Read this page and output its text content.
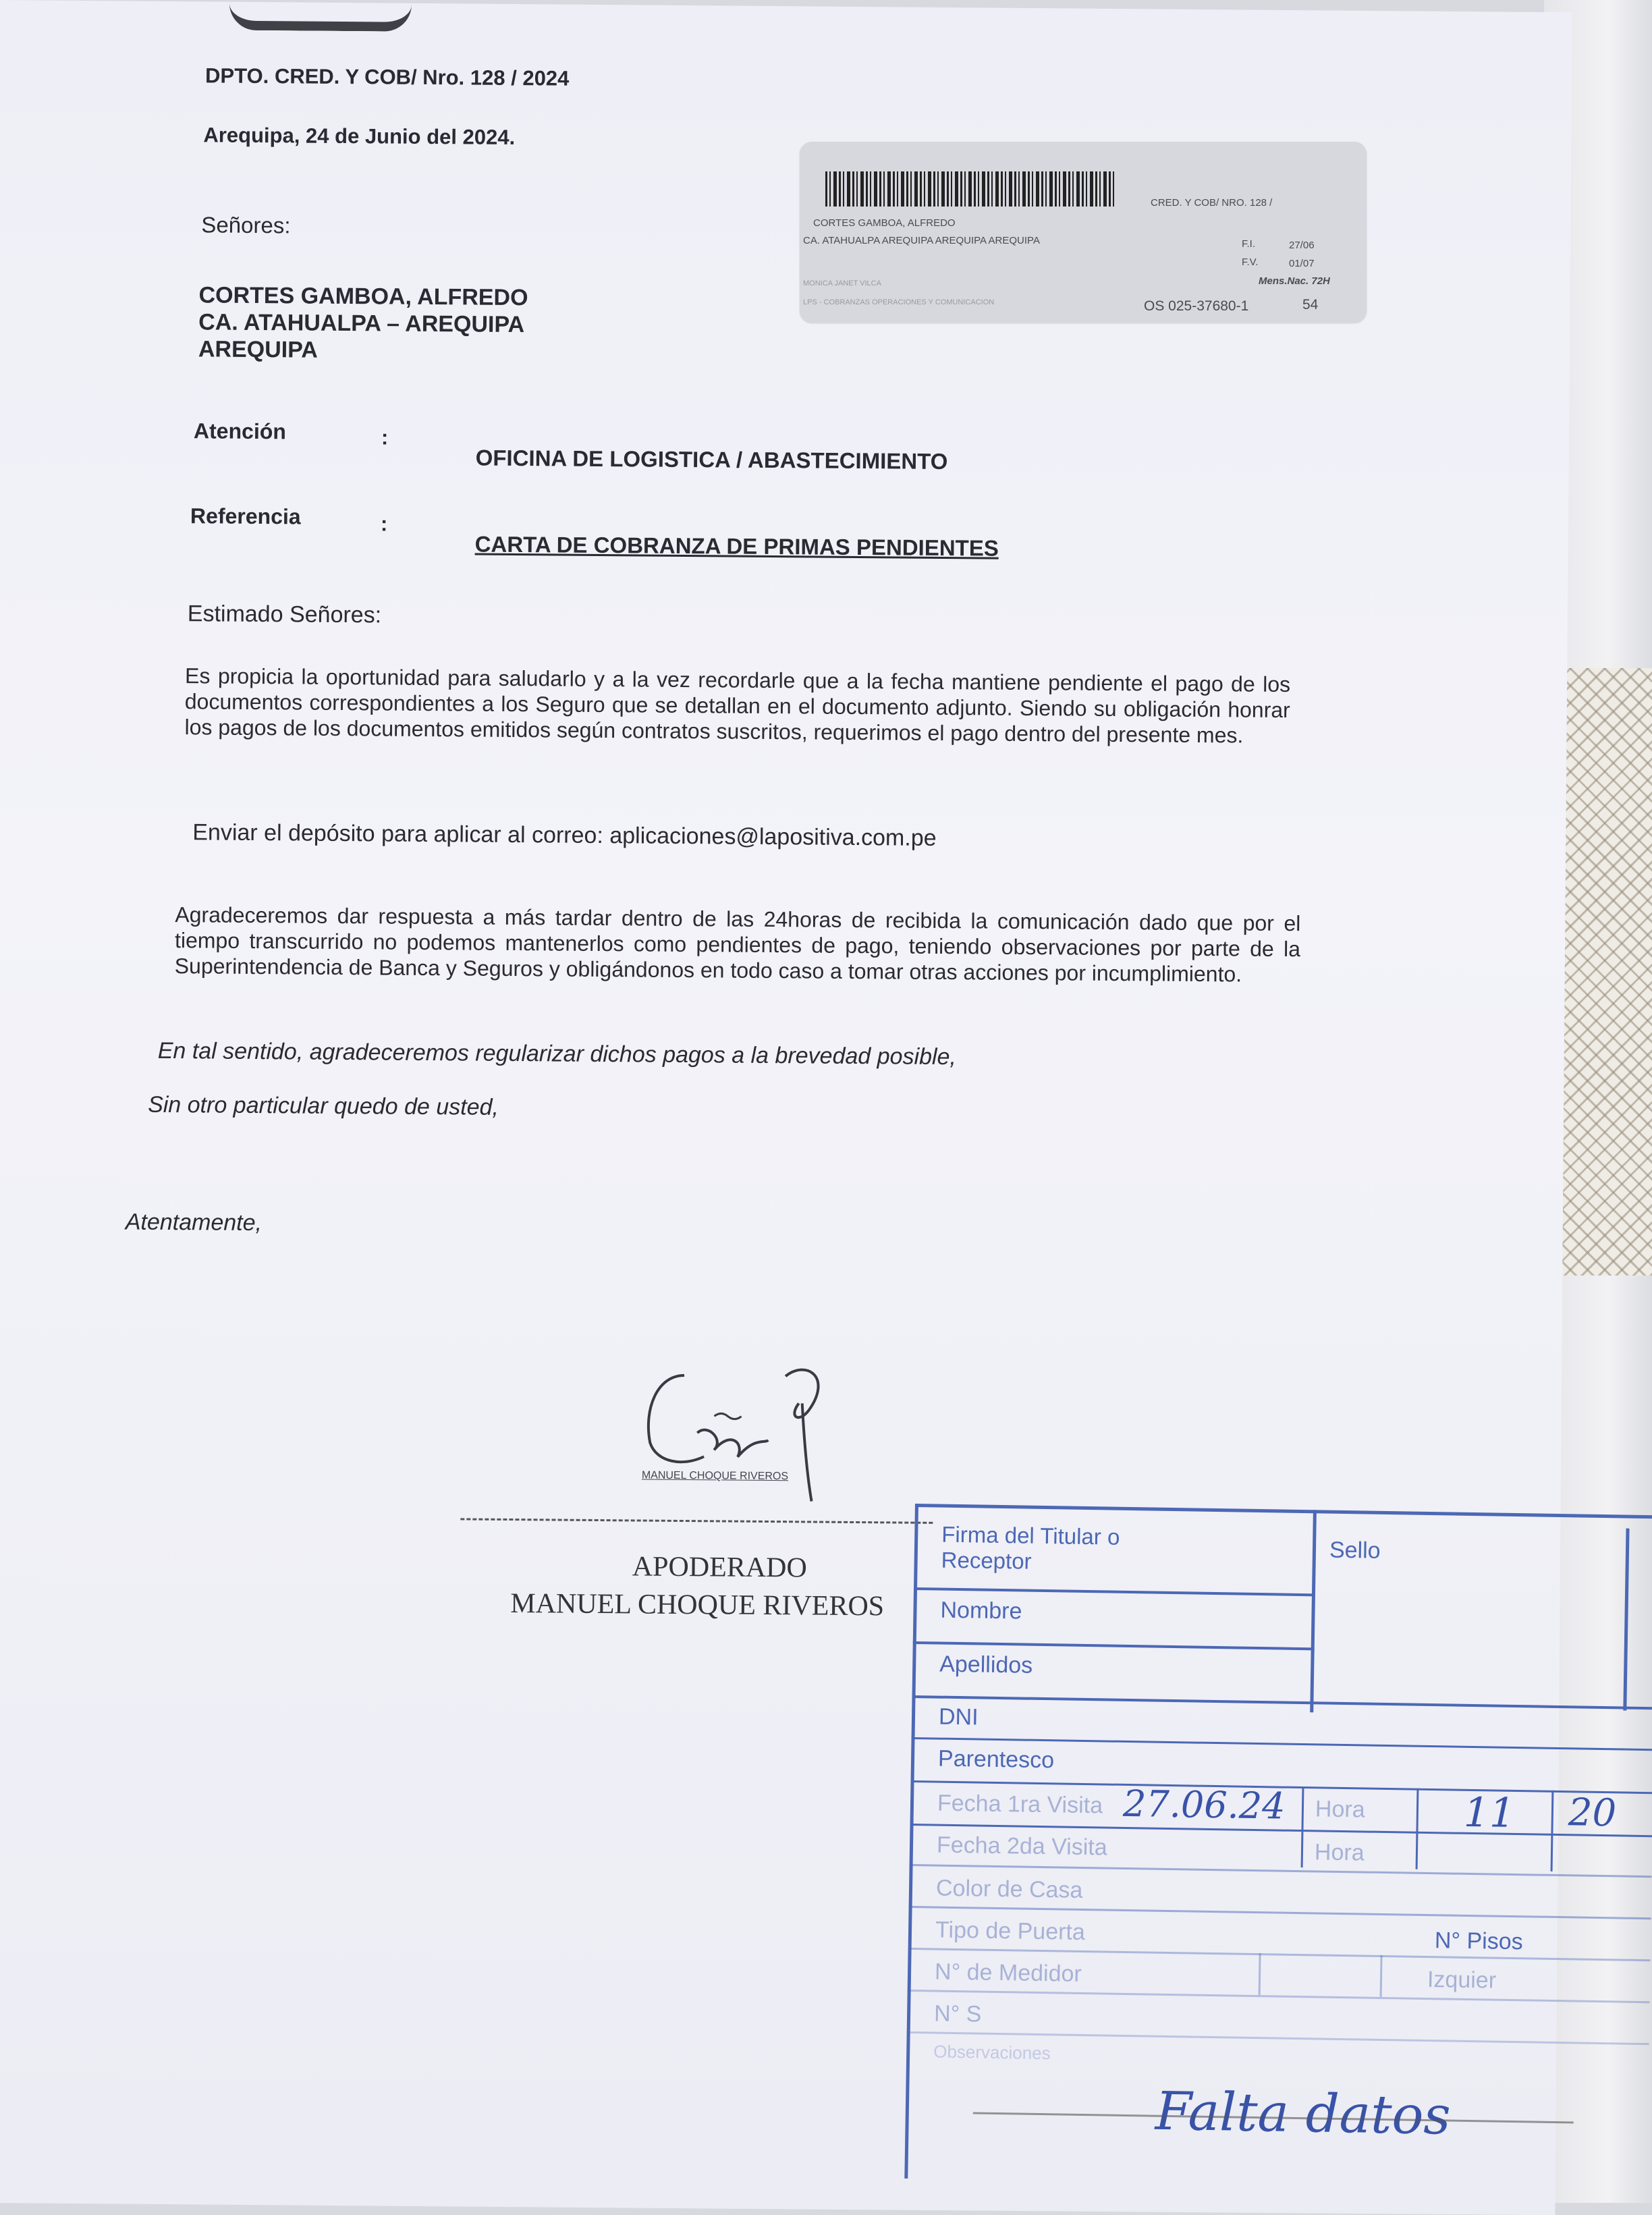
DPTO. CRED. Y COB/ Nro. 128 / 2024

Arequipa, 24 de Junio del 2024.

Señores:

CORTES GAMBOA, ALFREDO

CA. ATAHUALPA – AREQUIPA

AREQUIPA

Atención	:

OFICINA DE LOGISTICA / ABASTECIMIENTO

Referencia	:

CARTA DE COBRANZA DE PRIMAS PENDIENTES

Estimado Señores:

Es propicia la oportunidad para saludarlo y a la vez recordarle que a la fecha mantiene pendiente el pago de los documentos correspondientes a los Seguro que se detallan en el documento adjunto. Siendo su obligación honrar los pagos de los documentos emitidos según contratos suscritos, requerimos el pago dentro del presente mes.

Enviar el depósito para aplicar al correo: aplicaciones@lapositiva.com.pe

Agradeceremos dar respuesta a más tardar dentro de las 24horas de recibida la comunicación dado que por el tiempo transcurrido no podemos mantenerlos como pendientes de pago, teniendo observaciones por parte de la Superintendencia de Banca y Seguros y obligándonos en todo caso a tomar otras acciones por incumplimiento.

En tal sentido, agradeceremos regularizar dichos pagos a la brevedad posible,

Sin otro particular quedo de usted,

Atentamente,

MANUEL CHOQUE RIVEROS

APODERADO

MANUEL CHOQUE RIVEROS

CRED. Y COB/ NRO. 128 /

CORTES GAMBOA, ALFREDO

CA. ATAHUALPA AREQUIPA AREQUIPA AREQUIPA	F.I.	27/06

F.V.	01/07

Mens.Nac. 72H

MONICA JANET VILCA

LPS - COBRANZAS OPERACIONES Y COMUNICACION	OS 025-37680-1	54

Firma del Titular o Receptor	Sello

Nombre

Apellidos

DNI

Parentesco

Fecha 1ra Visita 27.06.24 Hora 11 20

Fecha 2da Visita	Hora

Color de Casa

Tipo de Puerta	N° Pisos

N° de Medidor	Izquier

N° S

Observaciones

Falta datos
